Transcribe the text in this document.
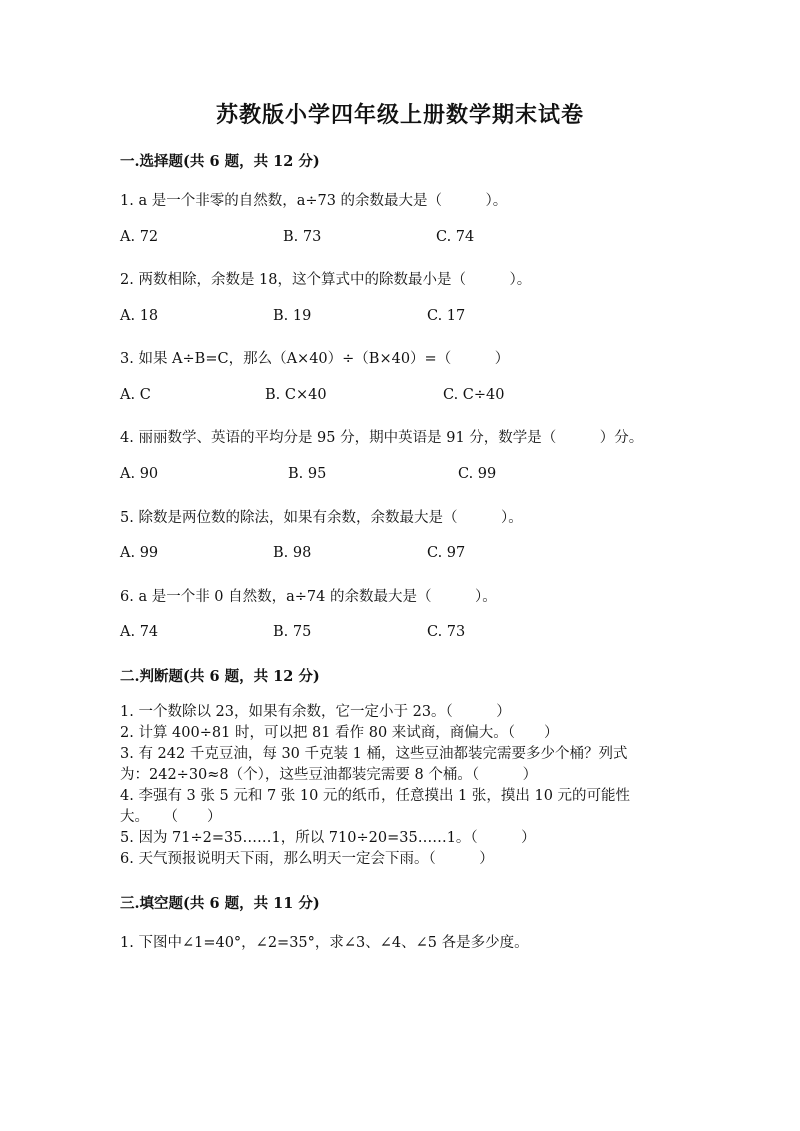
苏教版小学四年级上册数学期末试卷
一.选择题(共 6 题，共 12 分)
1. a 是一个非零的自然数，a÷73 的余数最大是（　　　）。
A. 72	B. 73	C. 74
2. 两数相除，余数是 18，这个算式中的除数最小是（　　　）。
A. 18	B. 19	C. 17
3. 如果 A÷B=C，那么（A×40）÷（B×40）=（　　　）
A. C	B. C×40	C. C÷40
4. 丽丽数学、英语的平均分是 95 分，期中英语是 91 分，数学是（　　　）分。
A. 90	B. 95	C. 99
5. 除数是两位数的除法，如果有余数，余数最大是（　　　）。
A. 99	B. 98	C. 97
6. a 是一个非 0 自然数，a÷74 的余数最大是（　　　）。
A. 74	B. 75	C. 73
二.判断题(共 6 题，共 12 分)
1. 一个数除以 23，如果有余数，它一定小于 23。（　　　）
2. 计算 400÷81 时，可以把 81 看作 80 来试商，商偏大。（　　）
3. 有 242 千克豆油，每 30 千克装 1 桶，这些豆油都装完需要多少个桶？列式
为：242÷30≈8（个），这些豆油都装完需要 8 个桶。（　　　）
4. 李强有 3 张 5 元和 7 张 10 元的纸币，任意摸出 1 张，摸出 10 元的可能性
大。　　（　　）
5. 因为 71÷2=35……1，所以 710÷20=35……1。（　　　）
6. 天气预报说明天下雨，那么明天一定会下雨。（　　　）
三.填空题(共 6 题，共 11 分)
1. 下图中∠1=40°，∠2=35°，求∠3、∠4、∠5 各是多少度。
